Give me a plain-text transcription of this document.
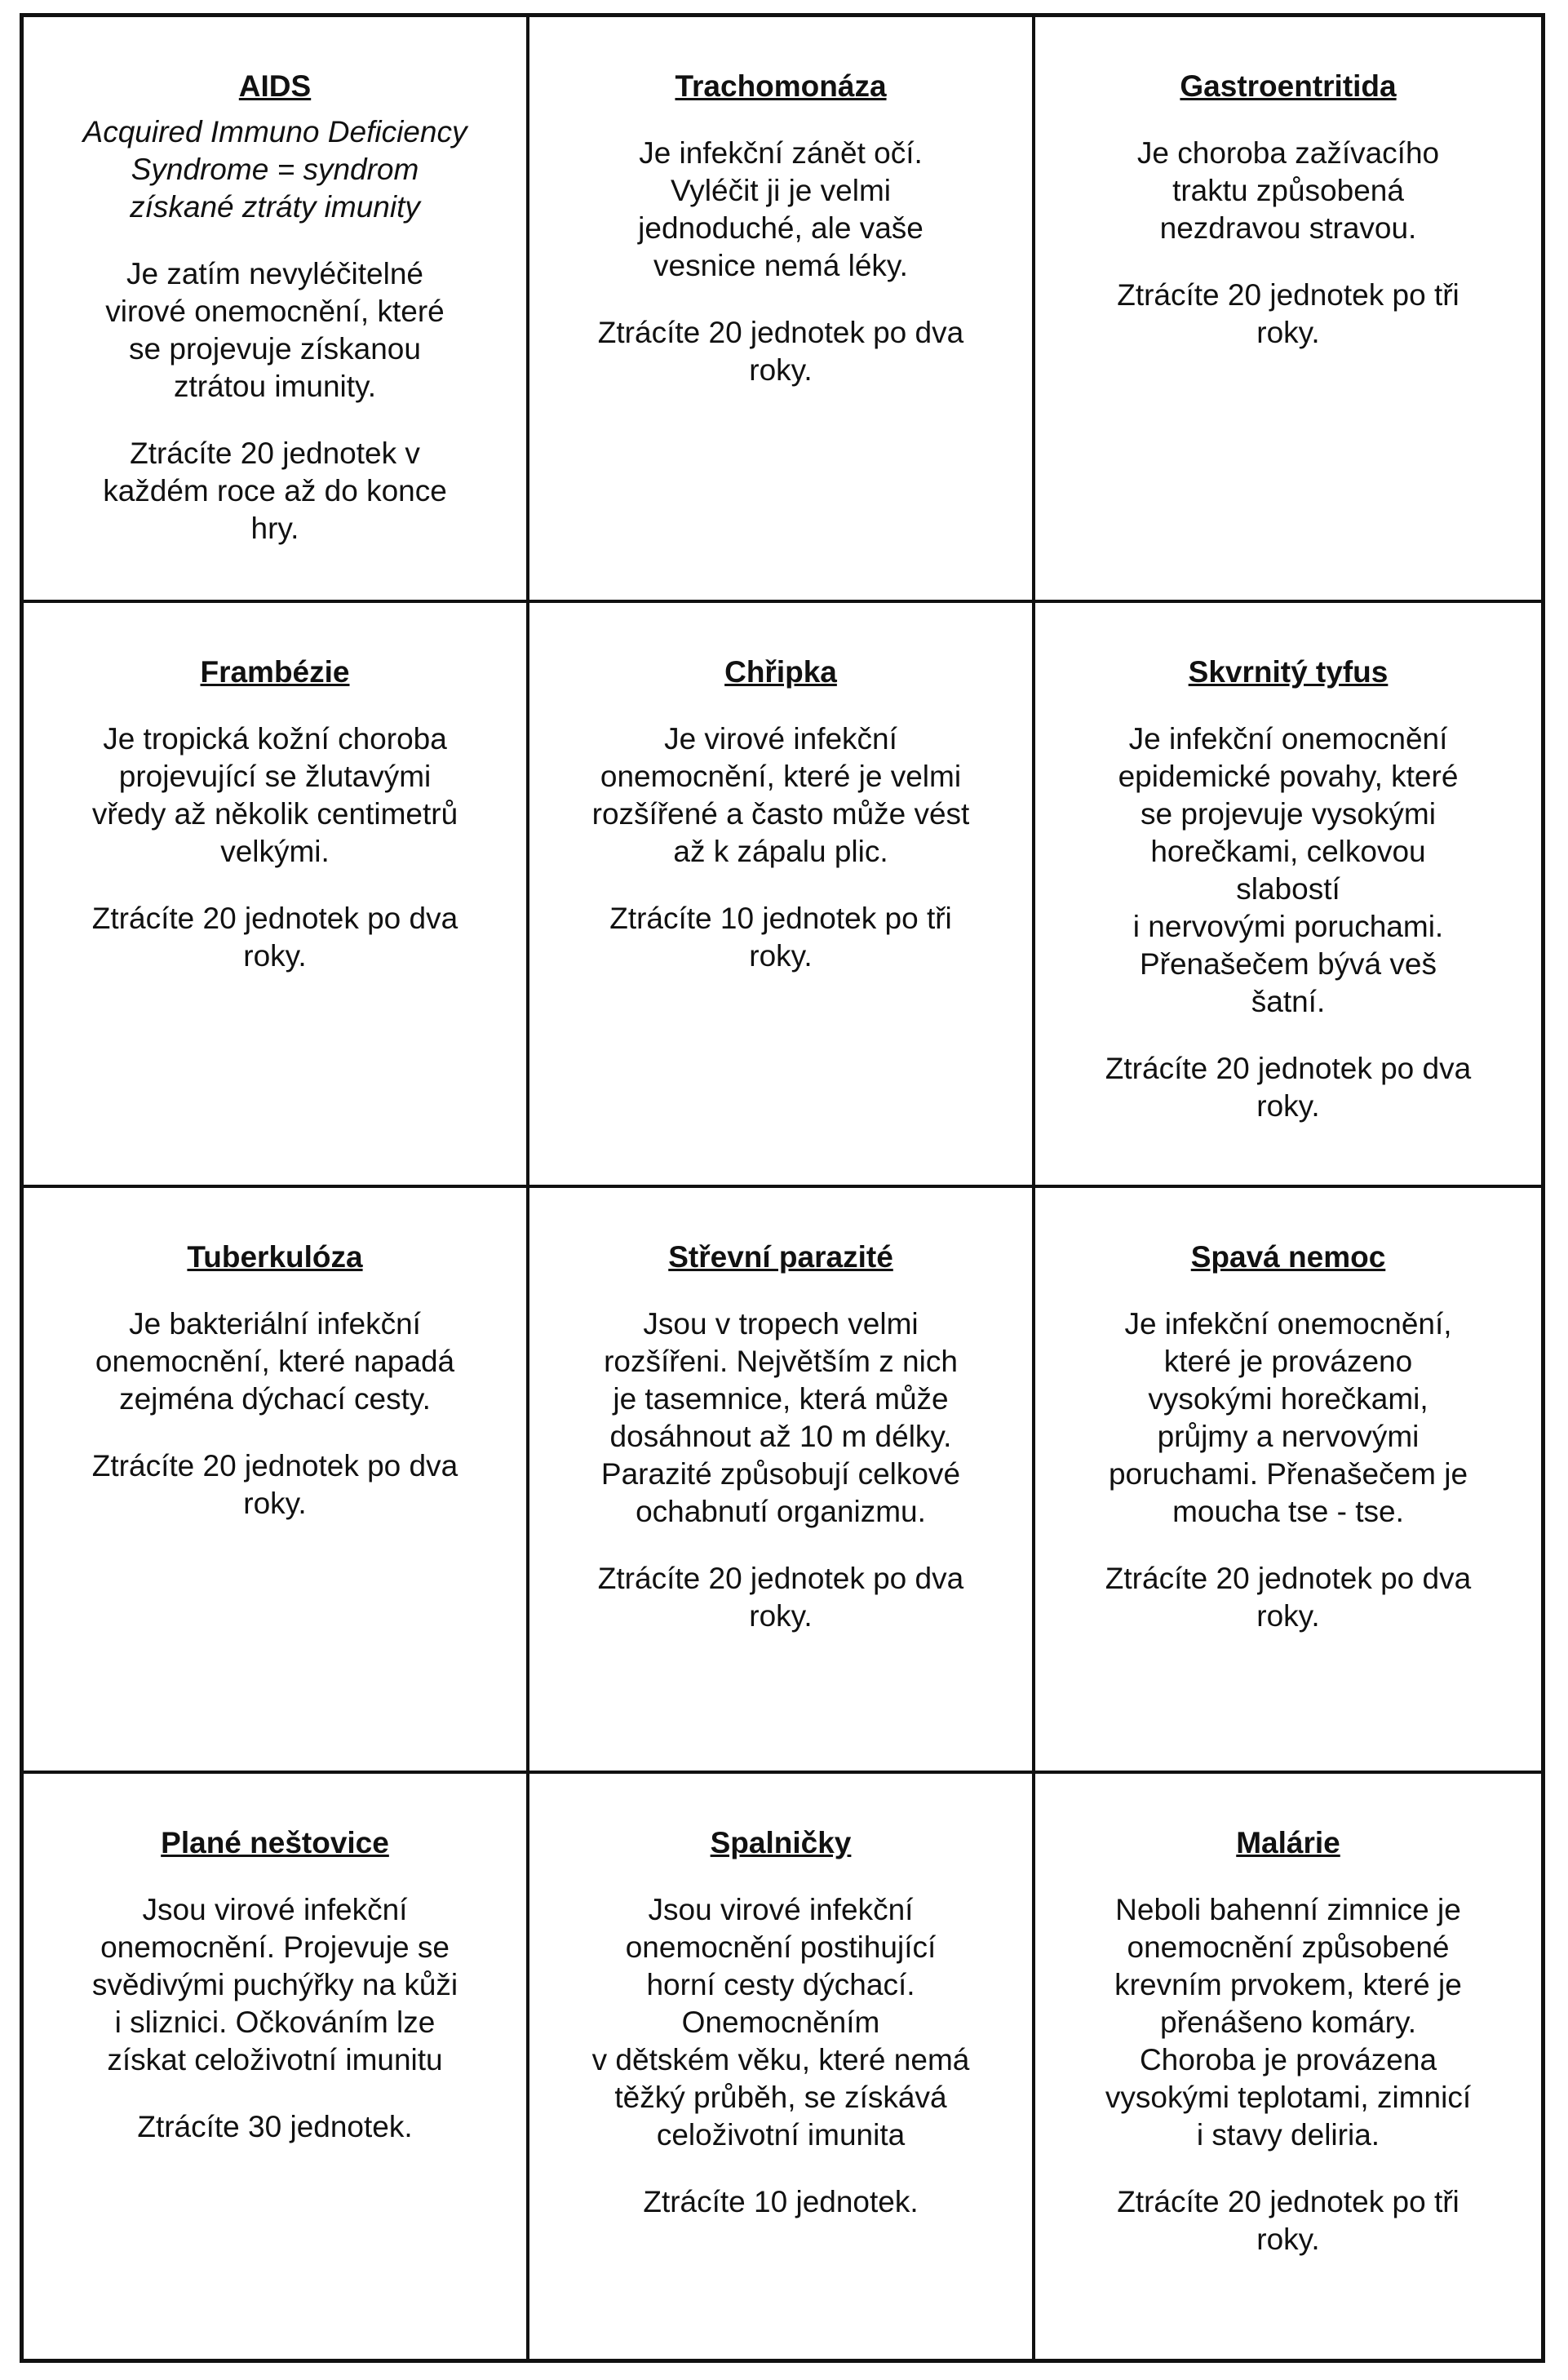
AIDS
Acquired Immuno Deficiency
Syndrome = syndrom
získané ztráty imunity
Je zatím nevyléčitelné
virové onemocnění, které
se projevuje získanou
ztrátou imunity.
Ztrácíte 20 jednotek v
každém roce až do konce
hry.
Trachomonáza
Je infekční zánět očí.
Vyléčit ji je velmi
jednoduché, ale vaše
vesnice nemá léky.
Ztrácíte 20 jednotek po dva
roky.
Gastroentritida
Je choroba zažívacího
traktu způsobená
nezdravou stravou.
Ztrácíte 20 jednotek po tři
roky.
Frambézie
Je tropická kožní choroba
projevující se žlutavými
vředy až několik centimetrů
velkými.
Ztrácíte 20 jednotek po dva
roky.
Chřipka
Je virové infekční
onemocnění, které je velmi
rozšířené a často může vést
až k zápalu plic.
Ztrácíte 10 jednotek po tři
roky.
Skvrnitý tyfus
Je infekční onemocnění
epidemické povahy, které
se projevuje vysokými
horečkami, celkovou
slabostí
i nervovými poruchami.
Přenašečem bývá veš
šatní.
Ztrácíte 20 jednotek po dva
roky.
Tuberkulóza
Je bakteriální infekční
onemocnění, které napadá
zejména dýchací cesty.
Ztrácíte 20 jednotek po dva
roky.
Střevní parazité
Jsou v tropech velmi
rozšířeni. Největším z nich
je tasemnice, která může
dosáhnout až 10 m délky.
Parazité způsobují celkové
ochabnutí organizmu.
Ztrácíte 20 jednotek po dva
roky.
Spavá nemoc
Je infekční onemocnění,
které je provázeno
vysokými horečkami,
průjmy a nervovými
poruchami. Přenašečem je
moucha tse - tse.
Ztrácíte 20 jednotek po dva
roky.
Plané neštovice
Jsou virové infekční
onemocnění. Projevuje se
svědivými puchýřky na kůži
i sliznici. Očkováním lze
získat celoživotní imunitu
Ztrácíte 30 jednotek.
Spalničky
Jsou virové infekční
onemocnění postihující
horní cesty dýchací.
Onemocněním
v dětském věku, které nemá
těžký průběh, se získává
celoživotní imunita
Ztrácíte 10 jednotek.
Malárie
Neboli bahenní zimnice je
onemocnění způsobené
krevním prvokem, které je
přenášeno komáry.
Choroba je provázena
vysokými teplotami, zimnicí
i stavy deliria.
Ztrácíte 20 jednotek po tři
roky.
